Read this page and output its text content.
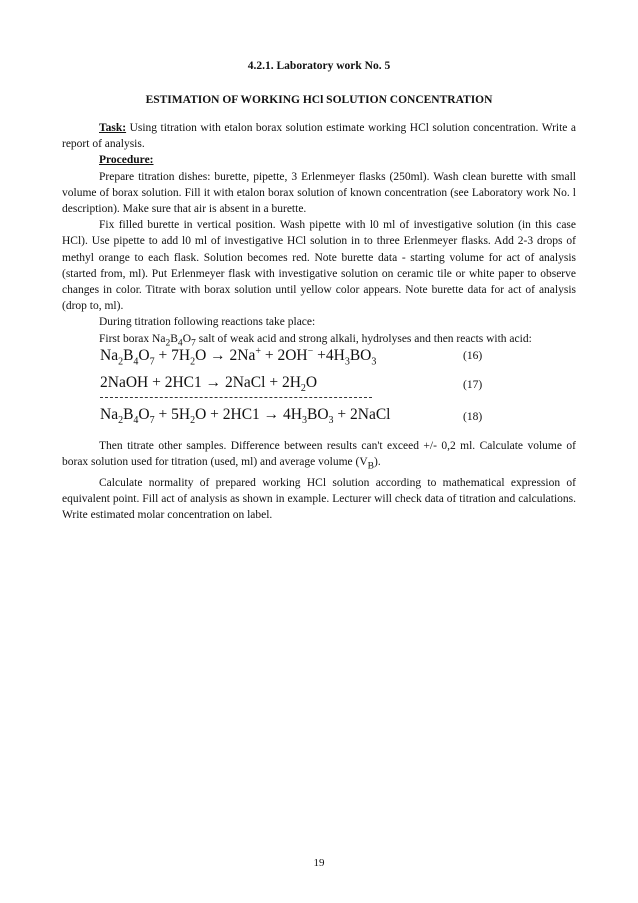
4.2.1. Laboratory work No. 5
ESTIMATION OF WORKING HCl SOLUTION CONCENTRATION

Task: Using titration with etalon borax solution estimate working HCl solution concentration. Write a report of analysis.

Procedure:

Prepare titration dishes: burette, pipette, 3 Erlenmeyer flasks (250ml). Wash clean burette with small volume of borax solution. Fill it with etalon borax solution of known concentration (see Laboratory work No. l description). Make sure that air is absent in a burette.

Fix filled burette in vertical position. Wash pipette with l0 ml of investigative solution (in this case HCl). Use pipette to add l0 ml of investigative HCl solution in to three Erlenmeyer flasks. Add 2-3 drops of methyl orange to each flask. Solution becomes red. Note burette data - starting volume for act of analysis (started from, ml). Put Erlenmeyer flask with investigative solution on ceramic tile or white paper to observe changes in color. Titrate with borax solution until yellow color appears. Note burette data for act of analysis (drop to, ml).

During titration following reactions take place:

First borax $Na_2B_4O_7$ salt of weak acid and strong alkali, hydrolyses and then reacts with acid:

$Na_2B_4O_7 + 7H_2O \to 2Na^+ + 2OH^- +4H_3BO_3$	(16)
2NaOH + 2HC1 → 2NaCl + $2H_2O$	(17)
$Na_2B_4O_7 + 5H_2O + 2HC1 \to 4H_3BO_3$ + 2NaCl	(18)

Then titrate other samples. Difference between results can't exceed +/- 0,2 ml. Calculate volume of borax solution used for titration (used, ml) and average volume $(V_B)$.

Calculate normality of prepared working HCl solution according to mathematical expression of equivalent point. Fill act of analysis as shown in example. Lecturer will check data of titration and calculations. Write estimated molar concentration on label.

19
